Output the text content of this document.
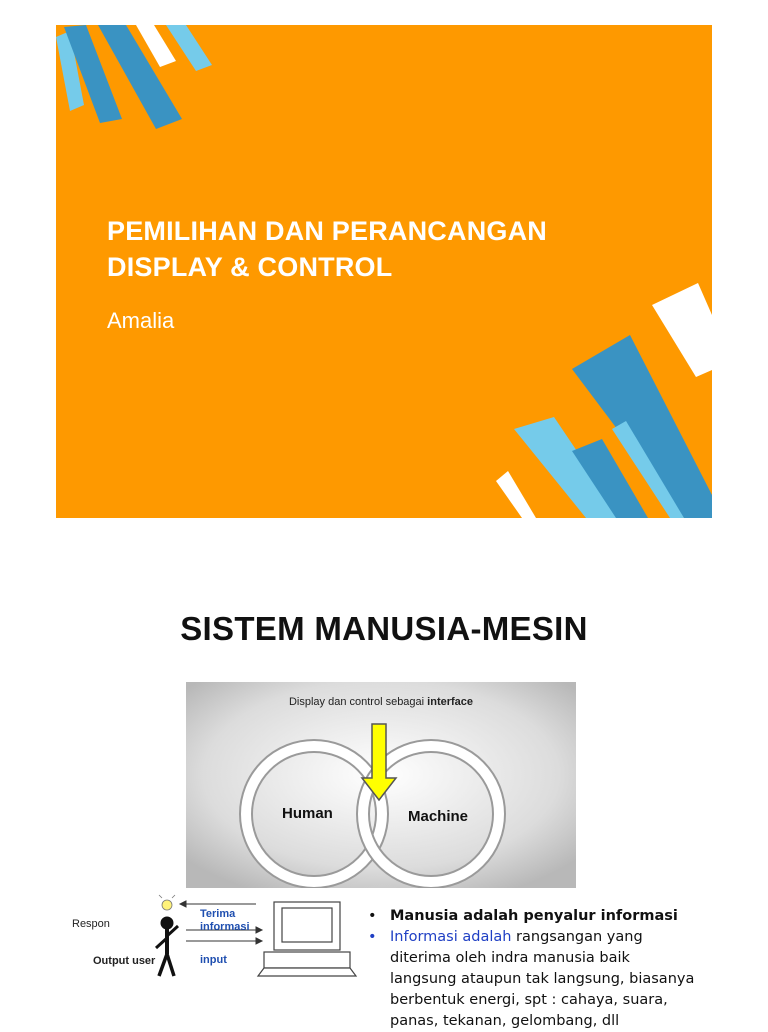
PEMILIHAN DAN PERANCANGAN
DISPLAY & CONTROL

Amalia

SISTEM MANUSIA-MESIN
Display dan control sebagai interface
Human	Machine
Respon
Terima
informasi
Output user	input
• Manusia adalah penyalur informasi
• Informasi adalah rangsangan yang
diterima oleh indra manusia baik
langsung ataupun tak langsung, biasanya
berbentuk energi, spt : cahaya, suara,
panas, tekanan, gelombang, dll
